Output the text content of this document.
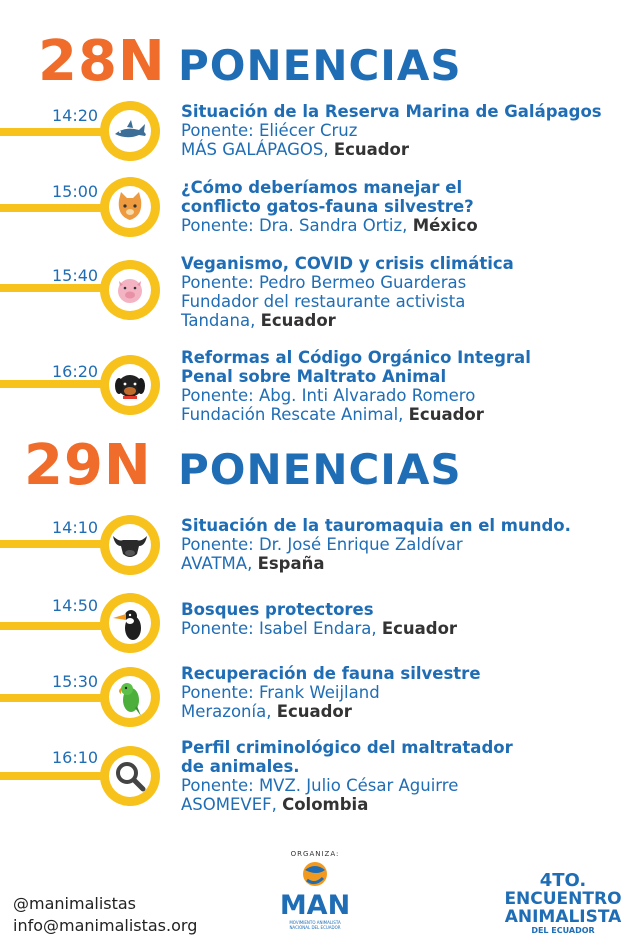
28N PONENCIAS
14:20	Situación de la Reserva Marina de Galápagos
Ponente: Eliécer Cruz
MÁS GALÁPAGOS, Ecuador
15:00	¿Cómo deberíamos manejar el
conflicto gatos-fauna silvestre?
Ponente: Dra. Sandra Ortiz, México
15:40
Veganismo, COVID y crisis climática
Ponente: Pedro Bermeo Guarderas
Fundador del restaurante activista
Tandana, Ecuador
16:20
Reformas al Código Orgánico Integral
Penal sobre Maltrato Animal
Ponente: Abg. Inti Alvarado Romero
Fundación Rescate Animal, Ecuador
29N PONENCIAS
14:10	Situación de la tauromaquia en el mundo.
Ponente: Dr. José Enrique Zaldívar
AVATMA, España
14:50	Bosques protectores
Ponente: Isabel Endara, Ecuador
15:30	Recuperación de fauna silvestre
Ponente: Frank Weijland
Merazonía, Ecuador
16:10
Perfil criminológico del maltratador
de animales.
Ponente: MVZ. Julio César Aguirre
ASOMEVEF, Colombia
@manimalistas
info@manimalistas.org
ORGANIZA:
MAN
MOVIMIENTO ANIMALISTA
NACIONAL DEL ECUADOR
4TO.
ENCUENTRO
ANIMALISTA
DEL ECUADOR
